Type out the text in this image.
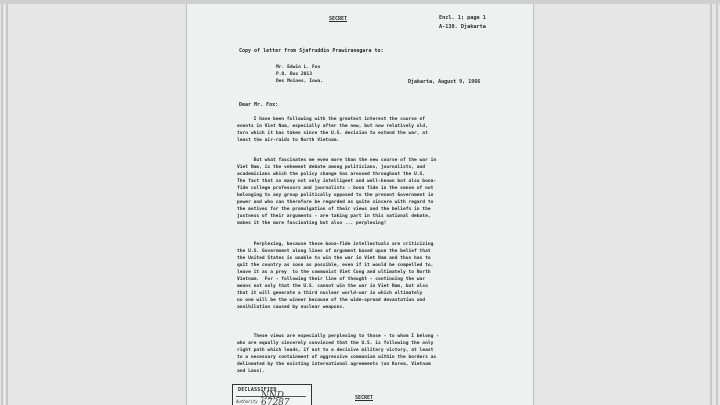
SECRET	Encl. 1; page 1
A-130. Djakarta
Copy of letter from Sjafruddin Prawiranegara to:
Mr. Edwin L. Fox
P.O. Box 2013
Des Moines, Iowa.	Djakarta, August 9, 1966
Dear Mr. Fox:
I have been following with the greatest interest the course of
events in Viet Nam, especially after the new, but now relatively old,
turn which it has taken since the U.S. decision to extend the war, at
least the air-raids to North Vietnam.
But what fascinates me even more than the new course of the war in
Viet Nam, is the vehement debate among politicians, journalists, and
academicians which the policy change has aroused throughout the U.S.
The fact that so many not only intelligent and well-known but also bona-
fide college professors and journalists - bona fide in the sense of not
belonging to any group politically opposed to the present Government in
power and who can therefore be regarded as quite sincere with regard to
the motives for the promulgation of their views and the beliefs in the
justness of their arguments - are taking part in this national debate,
makes it the more fascinating but also ... perplexing!
Perplexing, because these bona-fide intellectuals are criticizing
the U.S. Government along lines of argument based upon the belief that
the United States is unable to win the war in Viet Nam and thus has to
quit the country as soon as possible, even if it would be compelled to,
leave it as a prey  to the communist Viet Cong and ultimately to North
Vietnam.  For - following their line of thought - continuing the war
means not only that the U.S. cannot win the war in Viet Nam, but also
that it will generate a third nuclear world-war in which ultimately
no one will be the winner because of the wide-spread devastation and
annihilation caused by nuclear weapons.
These views are especially perplexing to those - to whom I belong -
who are equally sincerely convinced that the U.S. is following the only
right path which leads, if not to a decisive military victory, at least
to a necessary containment of aggressive communism within the borders as
delineated by the existing international agreements (on Korea, Vietnam
and Laos).
DECLASSIFIED
Authority
NND 67287	SECRET
